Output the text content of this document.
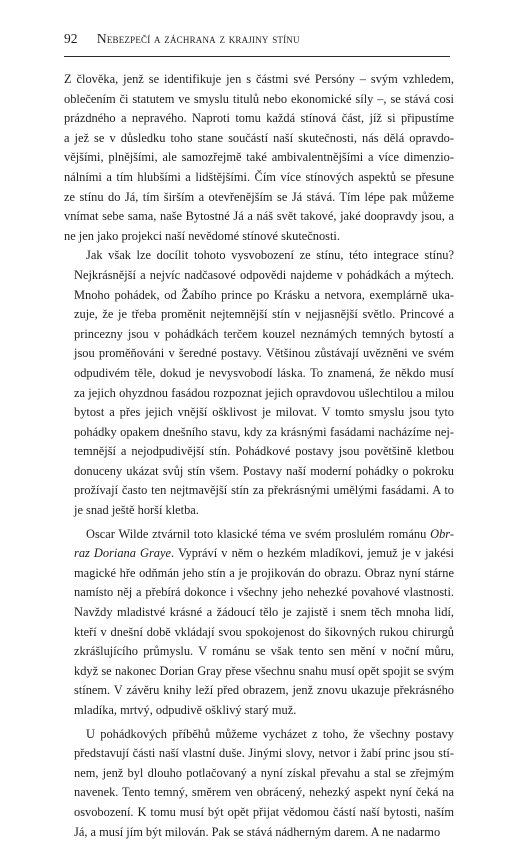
92 Nebezpečí a záchrana z krajiny stínu
Z člověka, jenž se identifikuje jen s částmi své Persóny – svým vzhledem,
oblečením či statutem ve smyslu titulů nebo ekonomické síly –, se stává cosi
prázdného a nepravého. Naproti tomu každá stínová část, jíž si připustíme
a jež se v důsledku toho stane součástí naší skutečnosti, nás dělá opravdo-
vějšími, plnějšími, ale samozřejmě také ambivalentnějšími a více dimenzio-
nálními a tím hlubšími a lidštějšími. Čím více stínových aspektů se přesune
ze stínu do Já, tím širším a otevřenějším se Já stává. Tím lépe pak můžeme
vnímat sebe sama, naše Bytostné Já a náš svět takové, jaké doopravdy jsou, a
ne jen jako projekci naší nevědomé stínové skutečnosti.
Jak však lze docílit tohoto vysvobození ze stínu, této integrace stínu?
Nejkrásnější a nejvíc nadčasové odpovědi najdeme v pohádkách a mýtech.
Mnoho pohádek, od Žabího prince po Krásku a netvora, exemplárně uka-
zuje, že je třeba proměnit nejtemnější stín v nejjasnější světlo. Princové a
princezny jsou v pohádkách terčem kouzel neznámých temných bytostí a
jsou proměňováni v šeredné postavy. Většinou zůstávají uvězněni ve svém
odpudivém těle, dokud je nevysvobodí láska. To znamená, že někdo musí
za jejich ohyzdnou fasádou rozpoznat jejich opravdovou ušlechtilou a milou
bytost a přes jejich vnější ošklivost je milovat. V tomto smyslu jsou tyto
pohádky opakem dnešního stavu, kdy za krásnými fasádami nacházíme nej-
temnější a nejodpudivější stín. Pohádkové postavy jsou povětšině kletbou
donuceny ukázat svůj stín všem. Postavy naší moderní pohádky o pokroku
prožívají často ten nejtmavější stín za překrásnými umělými fasádami. A to
je snad ještě horší kletba.
Oscar Wilde ztvárnil toto klasické téma ve svém proslulém románu Obr-
raz Doriana Graye. Vypráví v něm o hezkém mladíkovi, jemuž je v jakési
magické hře odňmán jeho stín a je projikován do obrazu. Obraz nyní stárne
namísto něj a přebírá dokonce i všechny jeho nehezké povahové vlastnosti.
Navždy mladistvé krásné a žádoucí tělo je zajistě i snem těch mnoha lidí,
kteří v dnešní době vkládají svou spokojenost do šikovných rukou chirurgů
zkrášlujícího průmyslu. V románu se však tento sen mění v noční můru,
když se nakonec Dorian Gray přese všechnu snahu musí opět spojit se svým
stínem. V závěru knihy leží před obrazem, jenž znovu ukazuje překrásného
mladíka, mrtvý, odpudivě ošklivý starý muž.
U pohádkových příběhů můžeme vycházet z toho, že všechny postavy
představují části naší vlastní duše. Jinými slovy, netvor i žabí princ jsou stí-
nem, jenž byl dlouho potlačovaný a nyní získal převahu a stal se zřejmým
navenek. Tento temný, směrem ven obrácený, nehezký aspekt nyní čeká na
osvobození. K tomu musí být opět přijat vědomou částí naší bytosti, naším
Já, a musí jím být milován. Pak se stává nádherným darem. A ne nadarmo
